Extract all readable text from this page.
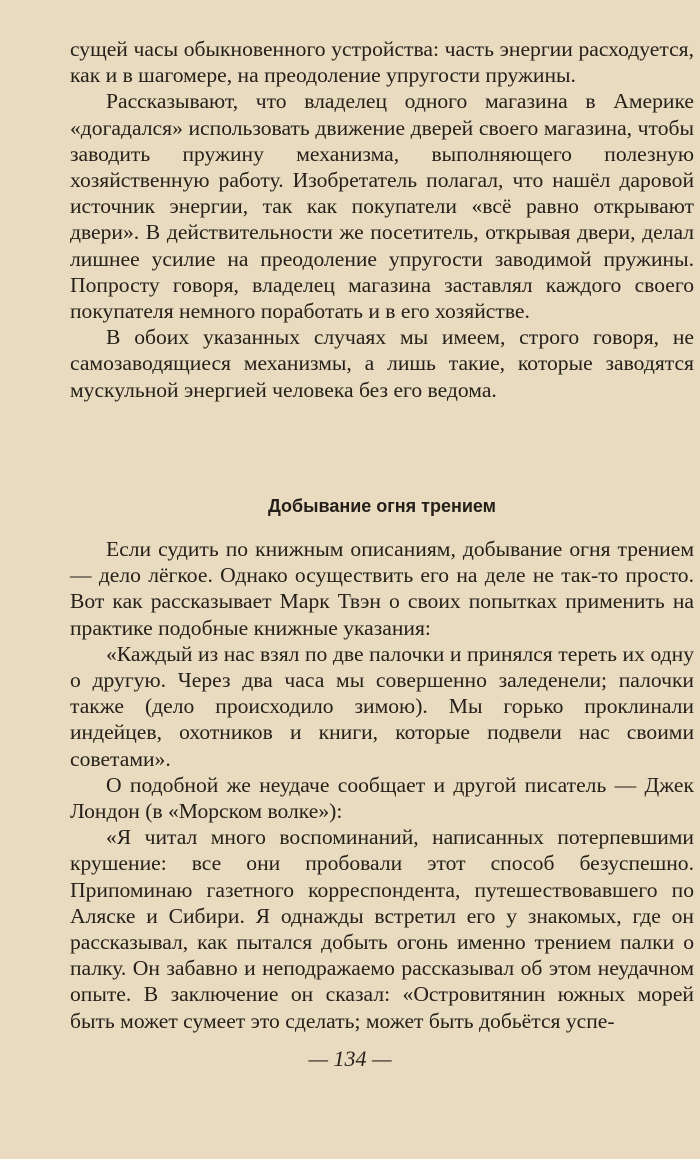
сущей часы обыкновенного устройства: часть энергии расходуется, как и в шагомере, на преодоление упругости пружины.

Рассказывают, что владелец одного магазина в Америке «догадался» использовать движение дверей своего магазина, чтобы заводить пружину механизма, выполняющего полезную хозяйственную работу. Изобретатель полагал, что нашёл даровой источник энергии, так как покупатели «всё равно открывают двери». В действительности же посетитель, открывая двери, делал лишнее усилие на преодоление упругости заводимой пружины. Попросту говоря, владелец магазина заставлял каждого своего покупателя немного поработать и в его хозяйстве.

В обоих указанных случаях мы имеем, строго говоря, не самозаводящиеся механизмы, а лишь такие, которые заводятся мускульной энергией человека без его ведома.

Добывание огня трением

Если судить по книжным описаниям, добывание огня трением — дело лёгкое. Однако осуществить его на деле не так-то просто. Вот как рассказывает Марк Твэн о своих попытках применить на практике подобные книжные указания:

«Каждый из нас взял по две палочки и принялся тереть их одну о другую. Через два часа мы совершенно заледенели; палочки также (дело происходило зимою). Мы горько проклинали индейцев, охотников и книги, которые подвели нас своими советами».

О подобной же неудаче сообщает и другой писатель — Джек Лондон (в «Морском волке»):

«Я читал много воспоминаний, написанных потерпевшими крушение: все они пробовали этот способ безуспешно. Припоминаю газетного корреспондента, путешествовавшего по Аляске и Сибири. Я однажды встретил его у знакомых, где он рассказывал, как пытался добыть огонь именно трением палки о палку. Он забавно и неподражаемо рассказывал об этом неудачном опыте. В заключение он сказал: «Островитянин южных морей быть может сумеет это сделать; может быть добьётся успе-

— 134 —
